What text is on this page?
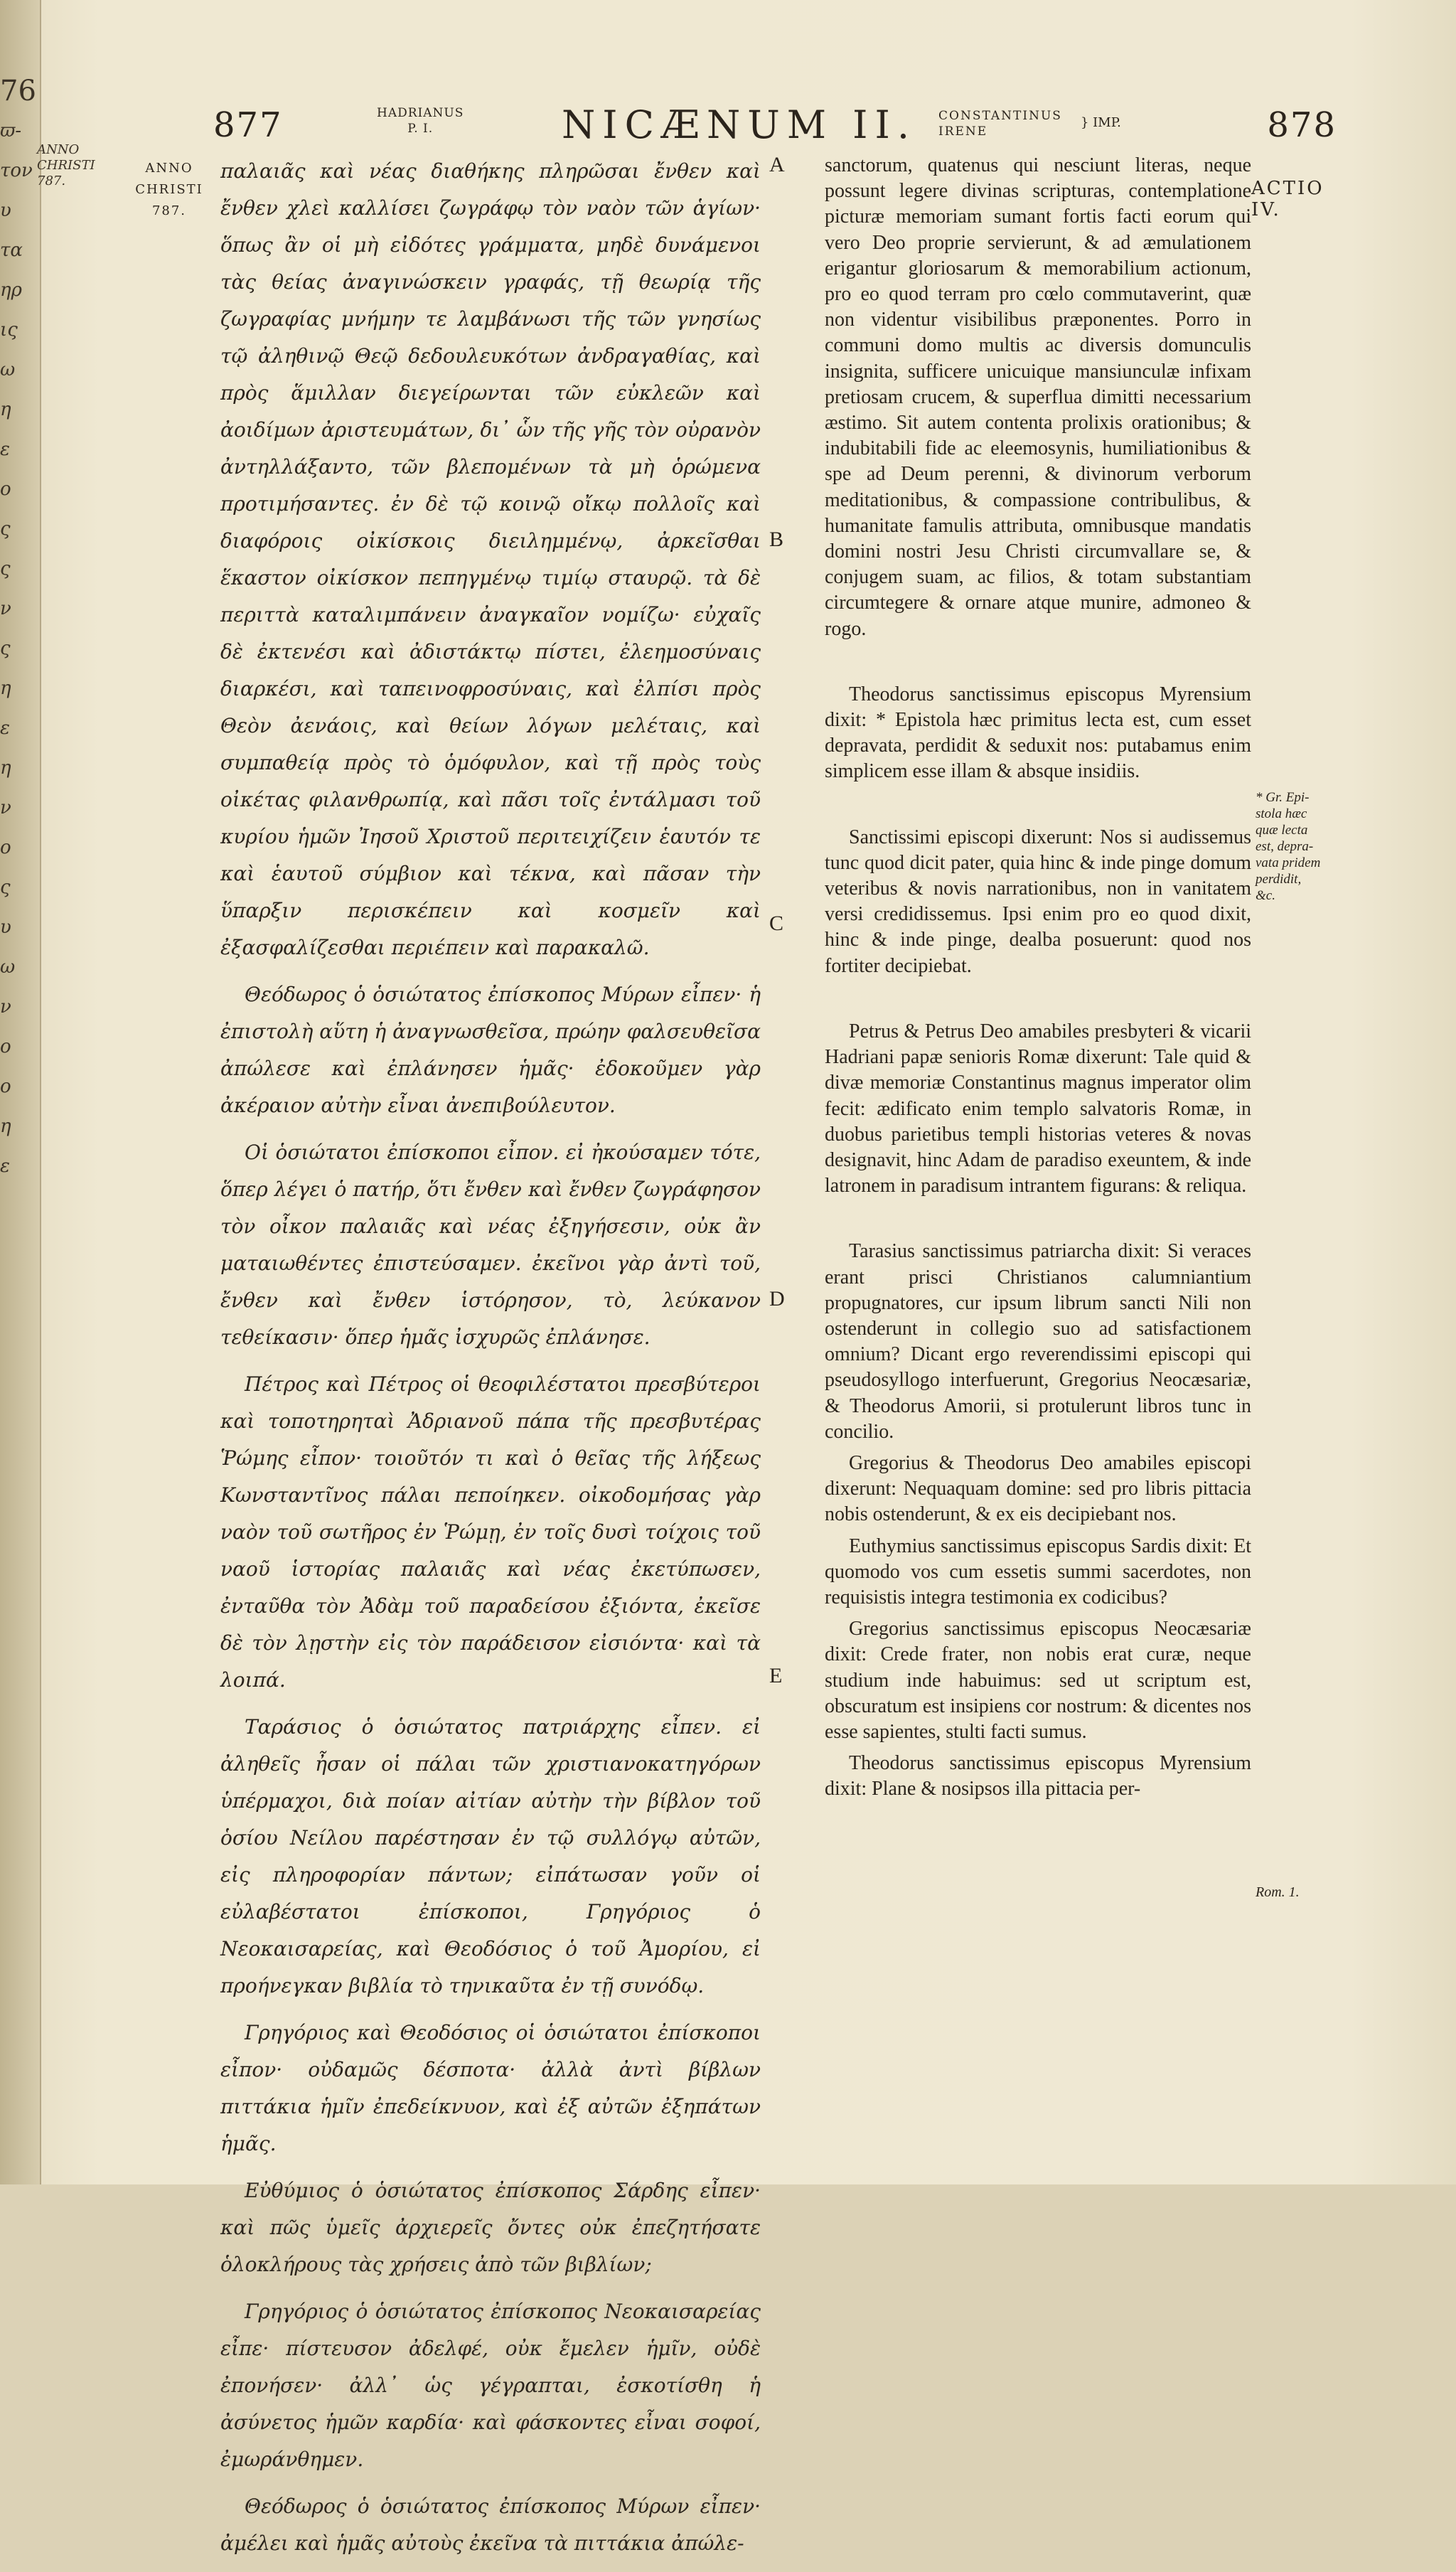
76
ϖ-
τον
υ
τα
ηρ
ις
ω
η
ε
ο
ς
ς
ν
ς
η
ε
η
ν
ο
ς
υ
ω
ν
ο
ο
η
ε
ANNO CHRISTI 787.
877	HADRIANUS
P. I.	NICÆNUM II. CONSTANTINUS
IRENE
} IMP.	878
ANNO
CHRISTI
787.
ACTIO
IV.

παλαιᾶς καὶ νέας διαθήκης πληρῶσαι ἔνθεν καὶ ἔνθεν χλεὶ καλλίσει ζωγράφῳ τὸν ναὸν τῶν ἁγίων· ὅπως ἂν οἱ μὴ εἰδότες γράμματα, μηδὲ δυνάμενοι τὰς θείας ἀναγινώσκειν γραφάς, τῇ θεωρίᾳ τῆς ζωγραφίας μνήμην τε λαμβάνωσι τῆς τῶν γνησίως τῷ ἀληθινῷ Θεῷ δεδουλευκότων ἀνδραγαθίας, καὶ πρὸς ἅμιλλαν διεγείρωνται τῶν εὐκλεῶν καὶ ἀοιδίμων ἀριστευμάτων, δι᾽ ὧν τῆς γῆς τὸν οὐρανὸν ἀντηλλάξαντο, τῶν βλεπομένων τὰ μὴ ὁρώμενα προτιμήσαντες. ἐν δὲ τῷ κοινῷ οἴκῳ πολλοῖς καὶ διαφόροις οἰκίσκοις διειλημμένῳ, ἀρκεῖσθαι ἕκαστον οἰκίσκον πεπηγμένῳ τιμίῳ σταυρῷ. τὰ δὲ περιττὰ καταλιμπάνειν ἀναγκαῖον νομίζω· εὐχαῖς δὲ ἐκτενέσι καὶ ἀδιστάκτῳ πίστει, ἐλεημοσύναις διαρκέσι, καὶ ταπεινοφροσύναις, καὶ ἐλπίσι πρὸς Θεὸν ἀενάοις, καὶ θείων λόγων μελέταις, καὶ συμπαθείᾳ πρὸς τὸ ὁμόφυλον, καὶ τῇ πρὸς τοὺς οἰκέτας φιλανθρωπίᾳ, καὶ πᾶσι τοῖς ἐντάλμασι τοῦ κυρίου ἡμῶν Ἰησοῦ Χριστοῦ περιτειχίζειν ἑαυτόν τε καὶ ἑαυτοῦ σύμβιον καὶ τέκνα, καὶ πᾶσαν τὴν ὕπαρξιν περισκέπειν καὶ κοσμεῖν καὶ ἐξασφαλίζεσθαι περιέπειν καὶ παρακαλῶ.

Θεόδωρος ὁ ὁσιώτατος ἐπίσκοπος Μύρων εἶπεν· ἡ ἐπιστολὴ αὕτη ἡ ἀναγνωσθεῖσα, πρώην φαλσευθεῖσα ἀπώλεσε καὶ ἐπλάνησεν ἡμᾶς· ἐδοκοῦμεν γὰρ ἀκέραιον αὐτὴν εἶναι ἀνεπιβούλευτον.

Οἱ ὁσιώτατοι ἐπίσκοποι εἶπον. εἰ ἠκούσαμεν τότε, ὅπερ λέγει ὁ πατήρ, ὅτι ἔνθεν καὶ ἔνθεν ζωγράφησον τὸν οἶκον παλαιᾶς καὶ νέας ἐξηγήσεσιν, οὐκ ἂν ματαιωθέντες ἐπιστεύσαμεν. ἐκεῖνοι γὰρ ἀντὶ τοῦ, ἔνθεν καὶ ἔνθεν ἱστόρησον, τὸ, λεύκανον τεθείκασιν· ὅπερ ἡμᾶς ἰσχυρῶς ἐπλάνησε.

Πέτρος καὶ Πέτρος οἱ θεοφιλέστατοι πρεσβύτεροι καὶ τοποτηρηταὶ Ἀδριανοῦ πάπα τῆς πρεσβυτέρας Ῥώμης εἶπον· τοιοῦτόν τι καὶ ὁ θεῖας τῆς λήξεως Κωνσταντῖνος πάλαι πεποίηκεν. οἰκοδομήσας γὰρ ναὸν τοῦ σωτῆρος ἐν Ῥώμῃ, ἐν τοῖς δυσὶ τοίχοις τοῦ ναοῦ ἱστορίας παλαιᾶς καὶ νέας ἐκετύπωσεν, ἐνταῦθα τὸν Ἀδὰμ τοῦ παραδείσου ἐξιόντα, ἐκεῖσε δὲ τὸν λῃστὴν εἰς τὸν παράδεισον εἰσιόντα· καὶ τὰ λοιπά.

Ταράσιος ὁ ὁσιώτατος πατριάρχης εἶπεν. εἰ ἀληθεῖς ἦσαν οἱ πάλαι τῶν χριστιανοκατηγόρων ὑπέρμαχοι, διὰ ποίαν αἰτίαν αὐτὴν τὴν βίβλον τοῦ ὁσίου Νείλου παρέστησαν ἐν τῷ συλλόγῳ αὐτῶν, εἰς πληροφορίαν πάντων; εἰπάτωσαν γοῦν οἱ εὐλαβέστατοι ἐπίσκοποι, Γρηγόριος ὁ Νεοκαισαρείας, καὶ Θεοδόσιος ὁ τοῦ Ἀμορίου, εἰ προήνεγκαν βιβλία τὸ τηνικαῦτα ἐν τῇ συνόδῳ.

Γρηγόριος καὶ Θεοδόσιος οἱ ὁσιώτατοι ἐπίσκοποι εἶπον· οὐδαμῶς δέσποτα· ἀλλὰ ἀντὶ βίβλων πιττάκια ἡμῖν ἐπεδείκνυον, καὶ ἐξ αὐτῶν ἐξηπάτων ἡμᾶς.

Εὐθύμιος ὁ ὁσιώτατος ἐπίσκοπος Σάρδης εἶπεν· καὶ πῶς ὑμεῖς ἀρχιερεῖς ὄντες οὐκ ἐπεζητήσατε ὁλοκλήρους τὰς χρήσεις ἀπὸ τῶν βιβλίων;

Γρηγόριος ὁ ὁσιώτατος ἐπίσκοπος Νεοκαισαρείας εἶπε· πίστευσον ἀδελφέ, οὐκ ἔμελεν ἡμῖν, οὐδὲ ἐπονήσεν· ἀλλ᾽ ὡς γέγραπται, ἐσκοτίσθη ἡ ἀσύνετος ἡμῶν καρδία· καὶ φάσκοντες εἶναι σοφοί, ἐμωράνθημεν.

Θεόδωρος ὁ ὁσιώτατος ἐπίσκοπος Μύρων εἶπεν· ἀμέλει καὶ ἡμᾶς αὐτοὺς ἐκεῖνα τὰ πιττάκια ἀπώλε-

A
B
C
D
E

sanctorum, quatenus qui nesciunt literas, neque possunt legere divinas scripturas, contemplatione picturæ memoriam sumant fortis facti eorum qui vero Deo proprie servierunt, & ad æmulationem erigantur gloriosarum & memorabilium actionum, pro eo quod terram pro cœlo commutaverint, quæ non videntur visibilibus præponentes. Porro in communi domo multis ac diversis domunculis insignita, sufficere unicuique mansiunculæ infixam pretiosam crucem, & superflua dimitti necessarium æstimo. Sit autem contenta prolixis orationibus; & indubitabili fide ac eleemosynis, humiliationibus & spe ad Deum perenni, & divinorum verborum meditationibus, & compassione contribulibus, & humanitate famulis attributa, omnibusque mandatis domini nostri Jesu Christi circumvallare se, & conjugem suam, ac filios, & totam substantiam circumtegere & ornare atque munire, admoneo & rogo.

Theodorus sanctissimus episcopus Myrensium dixit: * Epistola hæc primitus lecta est, cum esset depravata, perdidit & seduxit nos: putabamus enim simplicem esse illam & absque insidiis.

Sanctissimi episcopi dixerunt: Nos si audissemus tunc quod dicit pater, quia hinc & inde pinge domum veteribus & novis narrationibus, non in vanitatem versi credidissemus. Ipsi enim pro eo quod dixit, hinc & inde pinge, dealba posuerunt: quod nos fortiter decipiebat.

Petrus & Petrus Deo amabiles presbyteri & vicarii Hadriani papæ senioris Romæ dixerunt: Tale quid & divæ memoriæ Constantinus magnus imperator olim fecit: ædificato enim templo salvatoris Romæ, in duobus parietibus templi historias veteres & novas designavit, hinc Adam de paradiso exeuntem, & inde latronem in paradisum intrantem figurans: & reliqua.

Tarasius sanctissimus patriarcha dixit: Si veraces erant prisci Christianos calumniantium propugnatores, cur ipsum librum sancti Nili non ostenderunt in collegio suo ad satisfactionem omnium? Dicant ergo reverendissimi episcopi qui pseudosyllogo interfuerunt, Gregorius Neocæsariæ, & Theodorus Amorii, si protulerunt libros tunc in concilio.

Gregorius & Theodorus Deo amabiles episcopi dixerunt: Nequaquam domine: sed pro libris pittacia nobis ostenderunt, & ex eis decipiebant nos.

Euthymius sanctissimus episcopus Sardis dixit: Et quomodo vos cum essetis summi sacerdotes, non requisistis integra testimonia ex codicibus?

Gregorius sanctissimus episcopus Neocæsariæ dixit: Crede frater, non nobis erat curæ, neque studium inde habuimus: sed ut scriptum est, obscuratum est insipiens cor nostrum: & dicentes nos esse sapientes, stulti facti sumus.

Theodorus sanctissimus episcopus Myrensium dixit: Plane & nosipsos illa pittacia per-

* Gr. Epi-
stola hæc
quæ lecta
est, depra-
vata pridem
perdidit,
&c.
Rom. 1.
